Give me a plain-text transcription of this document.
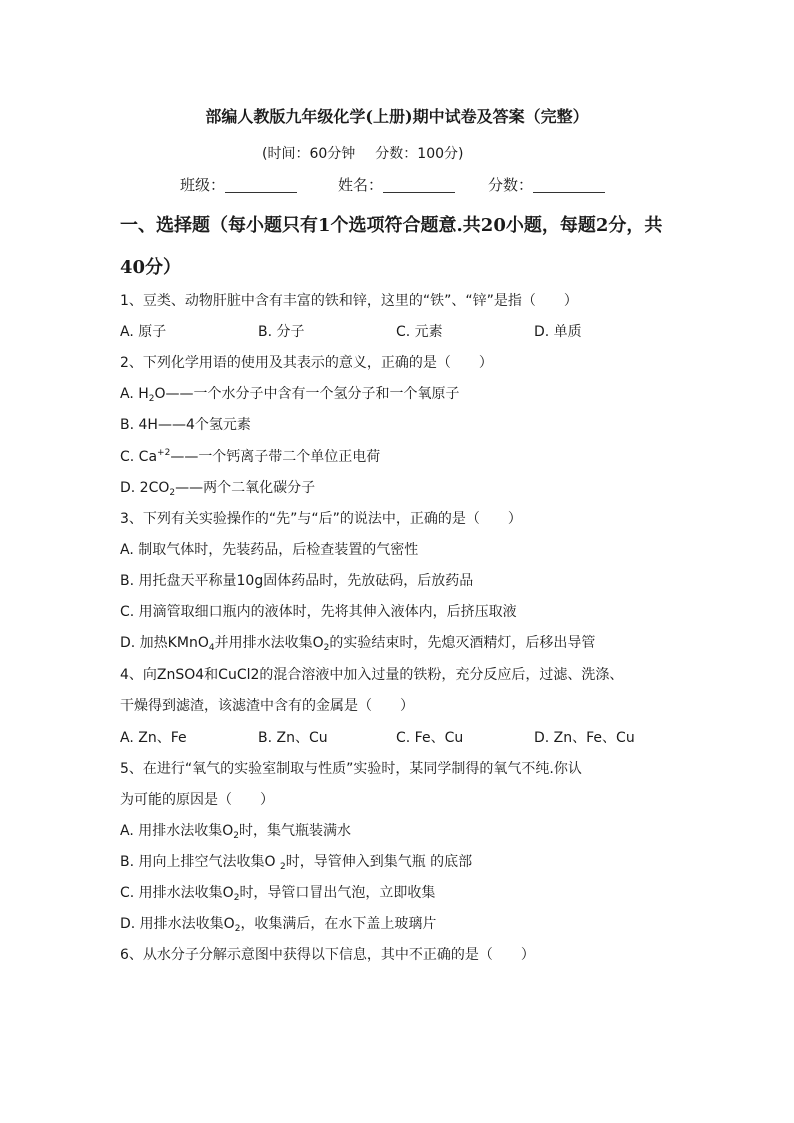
部编人教版九年级化学(上册)期中试卷及答案（完整）
(时间：60分钟 分数：100分)
班级：	姓名：	分数：
一、选择题（每小题只有1个选项符合题意.共20小题，每题2分，共
40分）
1、豆类、动物肝脏中含有丰富的铁和锌，这里的“铁”、“锌”是指（　　）
A. 原子	B. 分子	C. 元素	D. 单质
2、下列化学用语的使用及其表示的意义，正确的是（　　）
A. $H_2O——$一个水分子中含有一个氢分子和一个氧原子
B. 4H——4个氢元素
C. $Ca^{+2}——$一个钙离子带二个单位正电荷
D. $2CO_2——$两个二氧化碳分子
3、下列有关实验操作的“先”与“后”的说法中，正确的是（　　）
A. 制取气体时，先装药品，后检查装置的气密性
B. 用托盘天平称量10g固体药品时，先放砝码，后放药品
C. 用滴管取细口瓶内的液体时，先将其伸入液体内，后挤压取液
D. 加热KMnO$_4$并用排水法收集$O_2$的实验结束时，先熄灭酒精灯，后移出导管
4、向ZnSO4和CuCl2的混合溶液中加入过量的铁粉，充分反应后，过滤、洗涤、
干燥得到滤渣，该滤渣中含有的金属是（　　）
A. Zn、Fe	B. Zn、Cu	C. Fe、Cu	D. Zn、Fe、Cu
5、在进行“氧气的实验室制取与性质”实验时，某同学制得的氧气不纯.你认
为可能的原因是（　　）
A. 用排水法收集$O_2$时，集气瓶装满水
B. 用向上排空气法收集O $_2$时，导管伸入到集气瓶 的底部
C. 用排水法收集$O_2$时，导管口冒出气泡，立即收集
D. 用排水法收集$O_2$，收集满后，在水下盖上玻璃片
6、从水分子分解示意图中获得以下信息，其中不正确的是（　　）
